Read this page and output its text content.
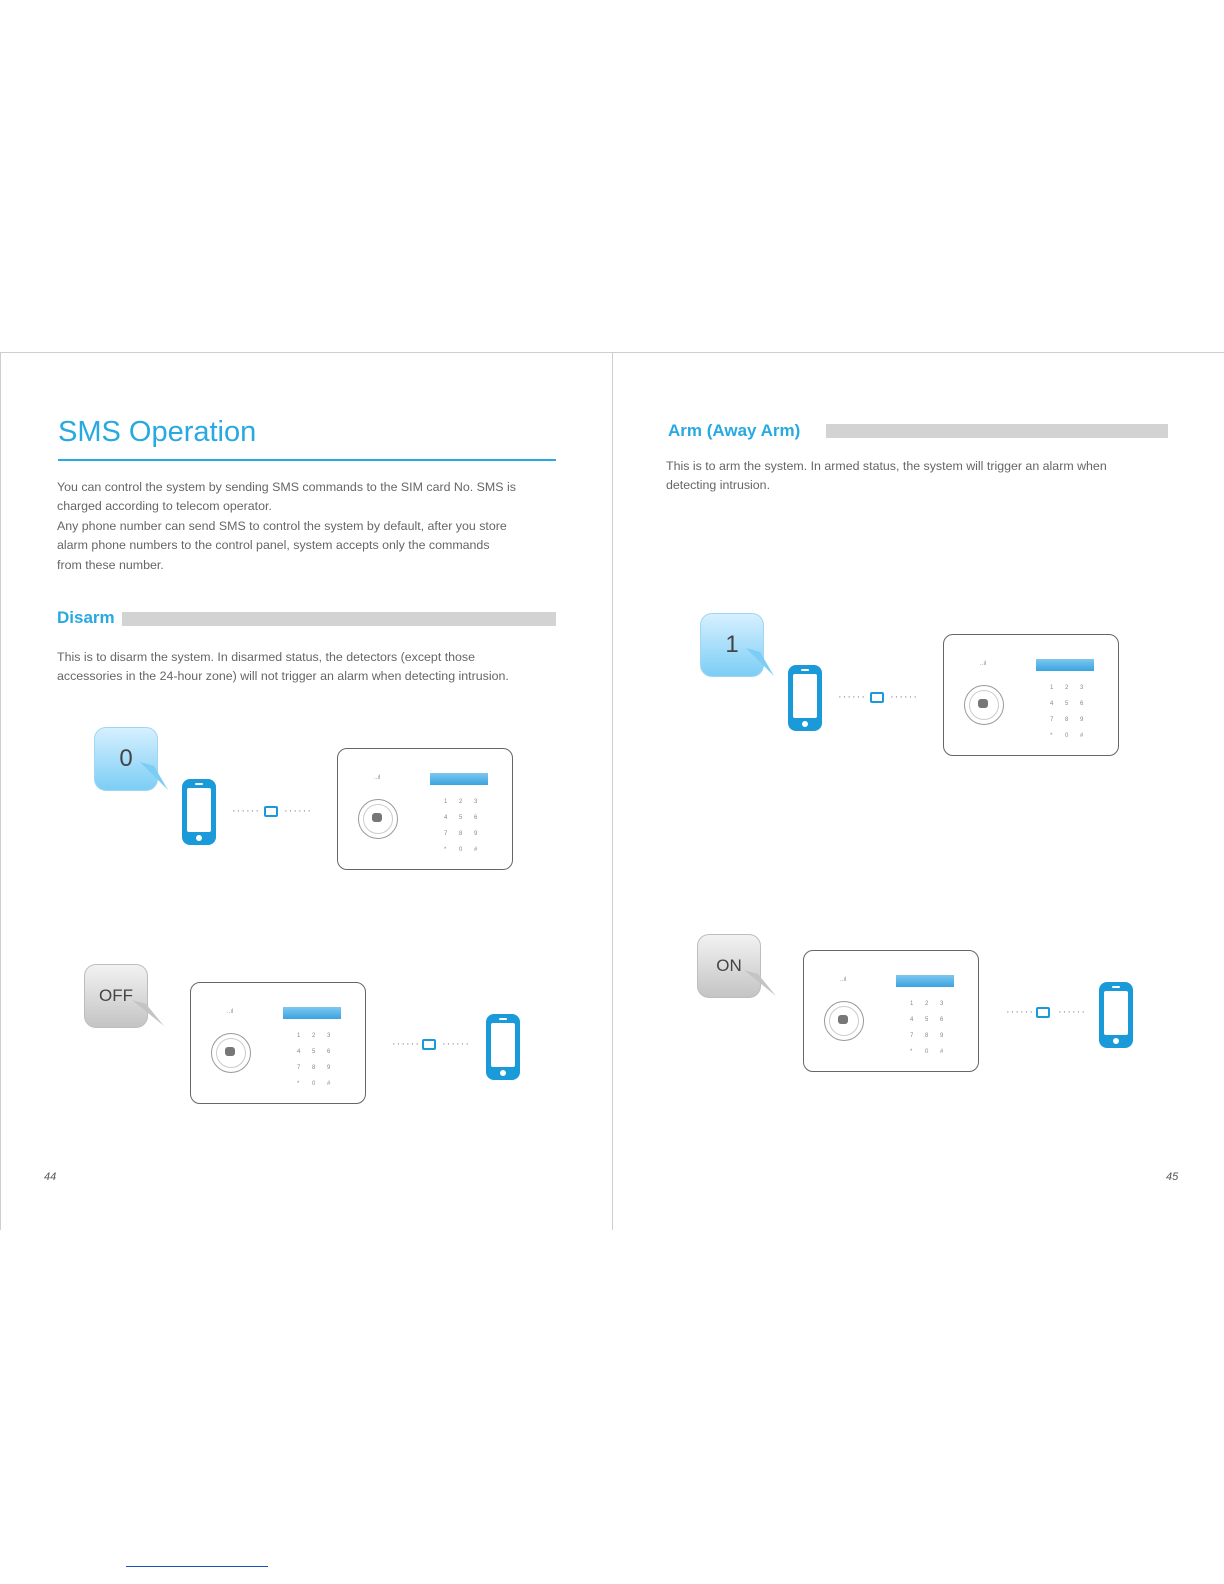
SMS Operation
You can control the system by sending SMS commands to the SIM card No. SMS is
charged according to telecom operator.
Any phone number can send SMS to control the system by default, after you store
alarm phone numbers to the control panel, system accepts only the commands
from these number.
Disarm
This is to disarm the system. In disarmed status, the detectors (except those
accessories in the 24-hour zone) will not trigger an alarm when detecting intrusion.
0
······ ······
..ıl
1 2 3
4 5 6
7 8 9
* 0 #
OFF
..ıl
1 2 3
4 5 6
7 8 9
* 0 #
······ ······
44
Arm (Away Arm)
This is to arm the system. In armed status, the system will trigger an alarm when
detecting intrusion.
1
······ ······
..ıl
1 2 3
4 5 6
7 8 9
* 0 #
ON
..ıl
1 2 3
4 5 6
7 8 9
* 0 #
······ ······
45
